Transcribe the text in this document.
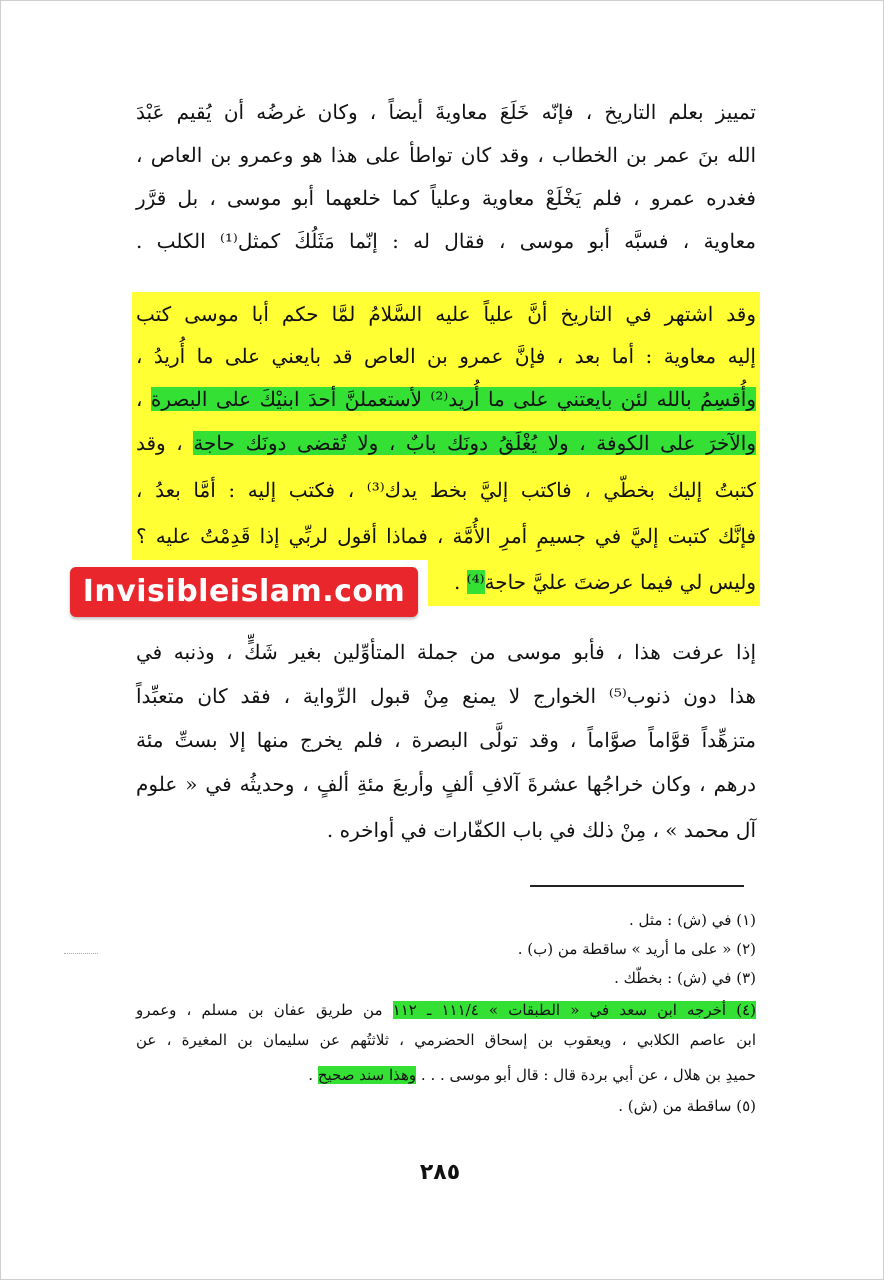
تمييز بعلم التاريخ ، فإنّه خَلَعَ معاويةَ أيضاً ، وكان غرضُه أن يُقيم عَبْدَ
الله بنَ عمر بن الخطاب ، وقد كان تواطأ على هذا هو وعمرو بن العاص ،
فغدره عمرو ، فلم يَخْلَعْ معاوية وعلياً كما خلعهما أبو موسى ، بل قرَّر
معاوية ، فسبَّه أبو موسى ، فقال له : إنّما مَثَلُكَ كمثل⁽¹⁾ الكلب .
وقد اشتهر في التاريخ أنَّ علياً عليه السَّلامُ لمَّا حكم أبا موسى كتب
إليه معاوية : أما بعد ، فإنَّ عمرو بن العاص قد بايعني على ما أُريدُ ،
وأُقسِمُ بالله لئن بايعتني على ما أُريد⁽²⁾ لأستعملنَّ أحدَ ابنيْكَ على البصرة ،
والآخرَ على الكوفة ، ولا يُغْلَقُ دونَك بابٌ ، ولا تُقضى دونَك حاجة ، وقد
كتبتُ إليك بخطّي ، فاكتب إليَّ بخط يدك⁽³⁾ ، فكتب إليه : أمَّا بعدُ ،
فإنَّك كتبت إليَّ في جسيمِ أمرِ الأُمَّة ، فماذا أقول لربِّي إذا قَدِمْتُ عليه ؟
وليس لي فيما عرضتَ عليَّ حاجة⁽⁴⁾ .
Invisibleislam.com
إذا عرفت هذا ، فأبو موسى من جملة المتأوِّلين بغير شَكٍّ ، وذنبه في
هذا دون ذنوب⁽⁵⁾ الخوارج لا يمنع مِنْ قبول الرِّواية ، فقد كان متعبِّداً
متزهِّداً قوَّاماً صوَّاماً ، وقد تولَّى البصرة ، فلم يخرج منها إلا بستِّ مئة
درهم ، وكان خراجُها عشرةَ آلافِ ألفٍ وأربعَ مئةِ ألفٍ ، وحديثُه في « علوم
آل محمد » ، مِنْ ذلك في باب الكفّارات في أواخره .
(١) في (ش) : مثل .
(٢) « على ما أريد » ساقطة من (ب) .
(٣) في (ش) : بخطّك .
(٤) أخرجه ابن سعد في « الطبقات » ١١١/٤ ـ ١١٢ من طريق عفان بن مسلم ، وعمرو
ابن عاصم الكلابي ، ويعقوب بن إسحاق الحضرمي ، ثلاثتُهم عن سليمان بن المغيرة ، عن
حميدِ بن هلال ، عن أبي بردة قال : قال أبو موسى . . . وهذا سند صحيح .
(٥) ساقطة من (ش) .
٢٨٥
